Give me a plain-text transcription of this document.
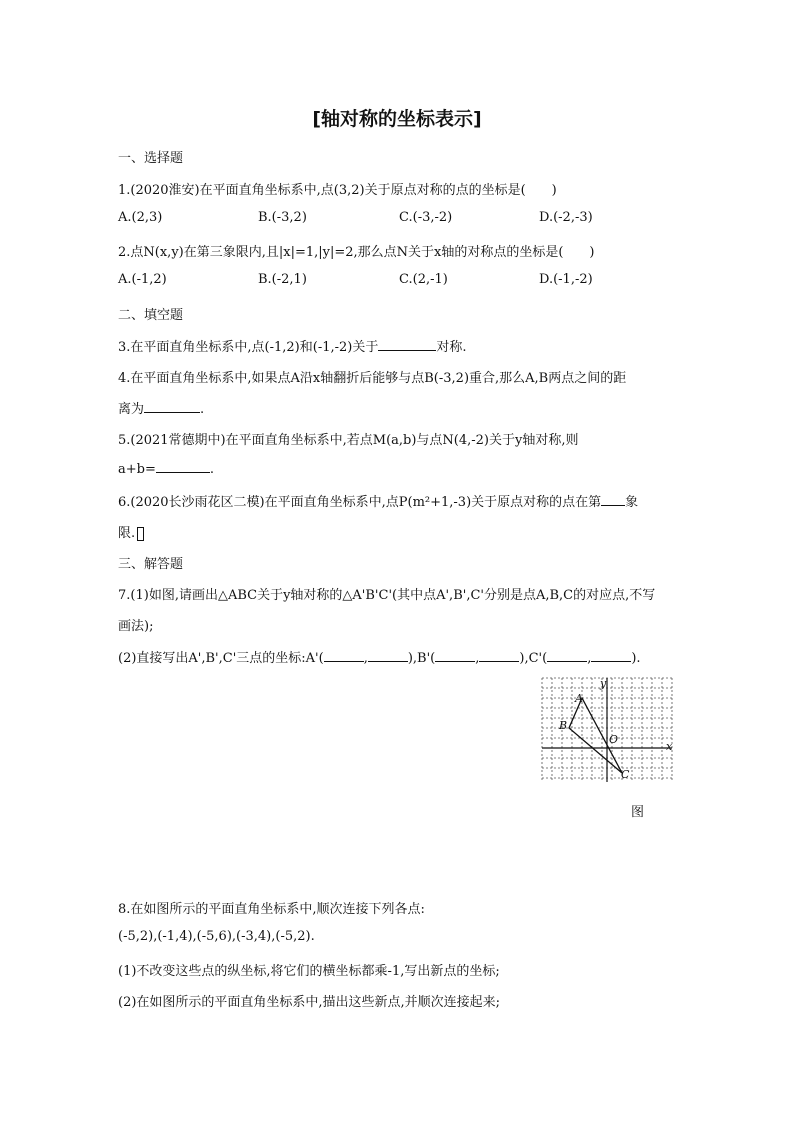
[轴对称的坐标表示]
一、选择题
1.(2020淮安)在平面直角坐标系中,点(3,2)关于原点对称的点的坐标是(　　)
A.(2,3)	B.(-3,2)	C.(-3,-2)	D.(-2,-3)
2.点N(x,y)在第三象限内,且|x|=1,|y|=2,那么点N关于x轴的对称点的坐标是(　　)
A.(-1,2)	B.(-2,1)	C.(2,-1)	D.(-1,-2)
二、填空题
3.在平面直角坐标系中,点(-1,2)和(-1,-2)关于	对称.
4.在平面直角坐标系中,如果点A沿x轴翻折后能够与点B(-3,2)重合,那么A,B两点之间的距
离为	.
5.(2021常德期中)在平面直角坐标系中,若点M(a,b)与点N(4,-2)关于y轴对称,则
a+b=	.
6.(2020长沙雨花区二模)在平面直角坐标系中,点P(m²+1,-3)关于原点对称的点在第 象
限.
三、解答题
7.(1)如图,请画出△ABC关于y轴对称的△A'B'C'(其中点A',B',C'分别是点A,B,C的对应点,不写
画法);
(2)直接写出A',B',C'三点的坐标:A'(	,	),B'(	,	),C'(	,	).
A
B
C
O
x
y
图
8.在如图所示的平面直角坐标系中,顺次连接下列各点:
(-5,2),(-1,4),(-5,6),(-3,4),(-5,2).
(1)不改变这些点的纵坐标,将它们的横坐标都乘-1,写出新点的坐标;
(2)在如图所示的平面直角坐标系中,描出这些新点,并顺次连接起来;
